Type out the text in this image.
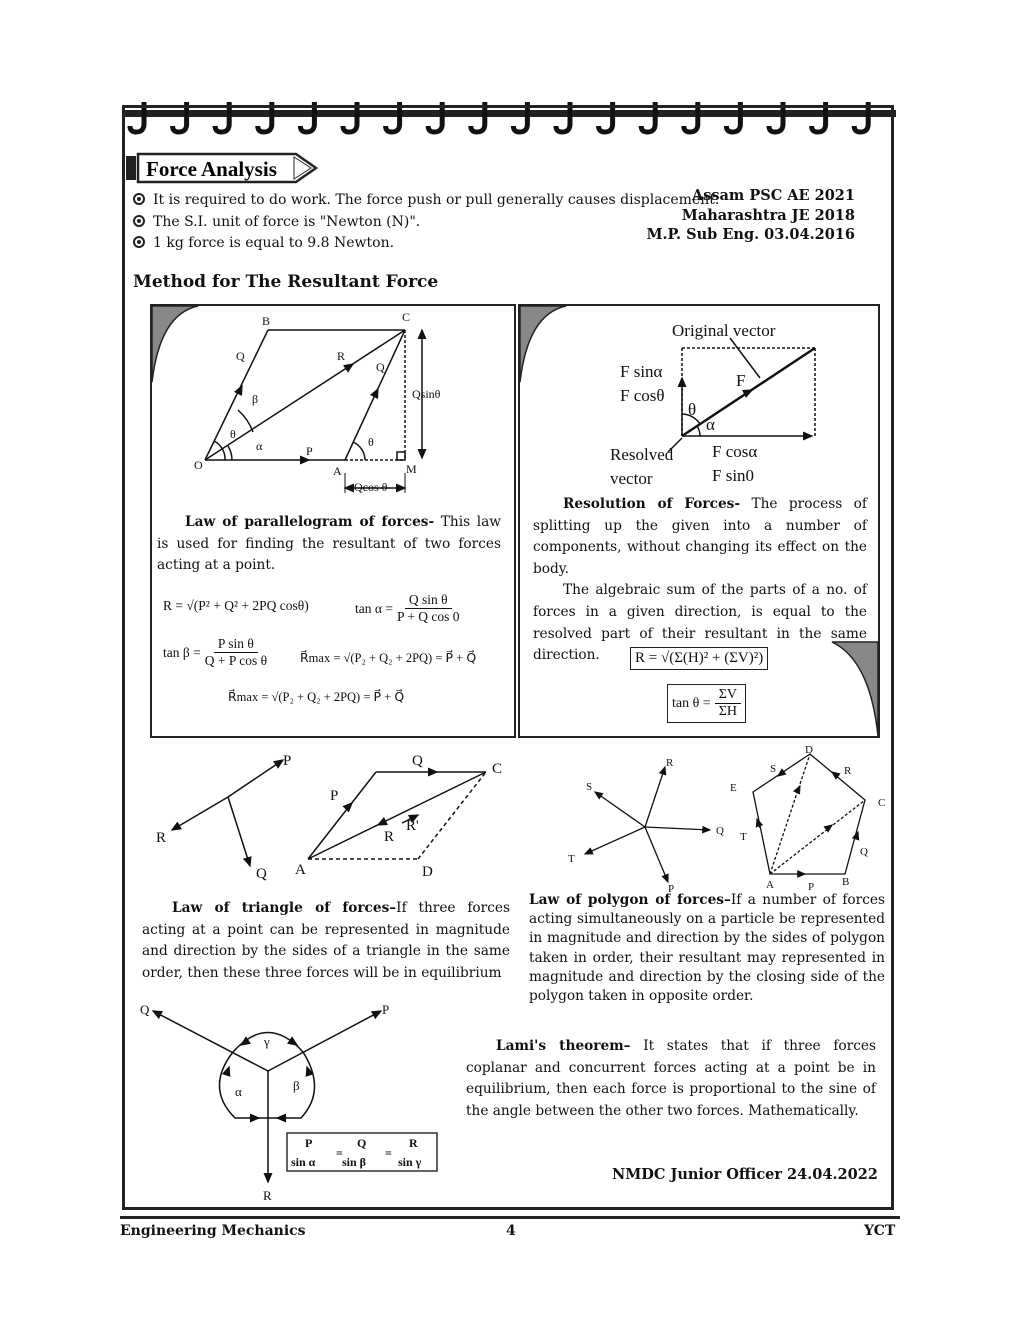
Force Analysis
It is required to do work. The force push or pull generally causes displacement.
The S.I. unit of force is "Newton (N)".
1 kg force is equal to 9.8 Newton.
Assam PSC AE 2021
Maharashtra JE 2018
M.P. Sub Eng. 03.04.2016
Method for The Resultant Force
B	C
Q	R
Q
Qsinθ
β
θ
α	θ
O
P
A	M
Qcos θ
Law of parallelogram of forces- This law is used for finding the resultant of two forces acting at a point.
R = √(P² + Q² + 2PQ cosθ)	$\tan \alpha = \frac{\text{Q sin θ}}{\text{P + Q cos 0}}$
$\tan \beta = \frac{\text{P sin θ}}{\text{Q + P cos θ}}$	R⃗max = √(P₂ + Q₂ + 2PQ) = P⃗ + Q⃗
R⃗max = √(P₂ + Q₂ + 2PQ) = P⃗ + Q⃗
Original vector
F sinα
F cosθ
F
θ
α
Resolved
vector
F cosα
F sin0
Resolution of Forces- The process of splitting up the given into a number of components, without changing its effect on the body.
The algebraic sum of the parts of a no. of forces in a given direction, is equal to the resolved part of their resultant in the same direction.	R = √(Σ(H)² + (ΣV)²)
$\tan \theta = \frac{\Sigma V}{\Sigma H}$
P
R
Q
Q	C
P
R'
R
A	D
Law of triangle of forces–If three forces acting at a point can be represented in magnitude and direction by the sides of a triangle in the same order, then these three forces will be in equilibrium
R
S
Q
T
P
D
S	R
E
C
T
Q
A	P	B
Law of polygon of forces–If a number of forces acting simultaneously on a particle be represented in magnitude and direction by the sides of polygon taken in order, their resultant may represented in magnitude and direction by the closing side of the polygon taken in opposite order.
Q	P
γ
α	β
R
P	Q	R
sin α sin β	sin γ
=	=
Lami's theorem– It states that if three forces coplanar and concurrent forces acting at a point be in equilibrium, then each force is proportional to the sine of the angle between the other two forces. Mathematically.
NMDC Junior Officer 24.04.2022
Engineering Mechanics	4	YCT
